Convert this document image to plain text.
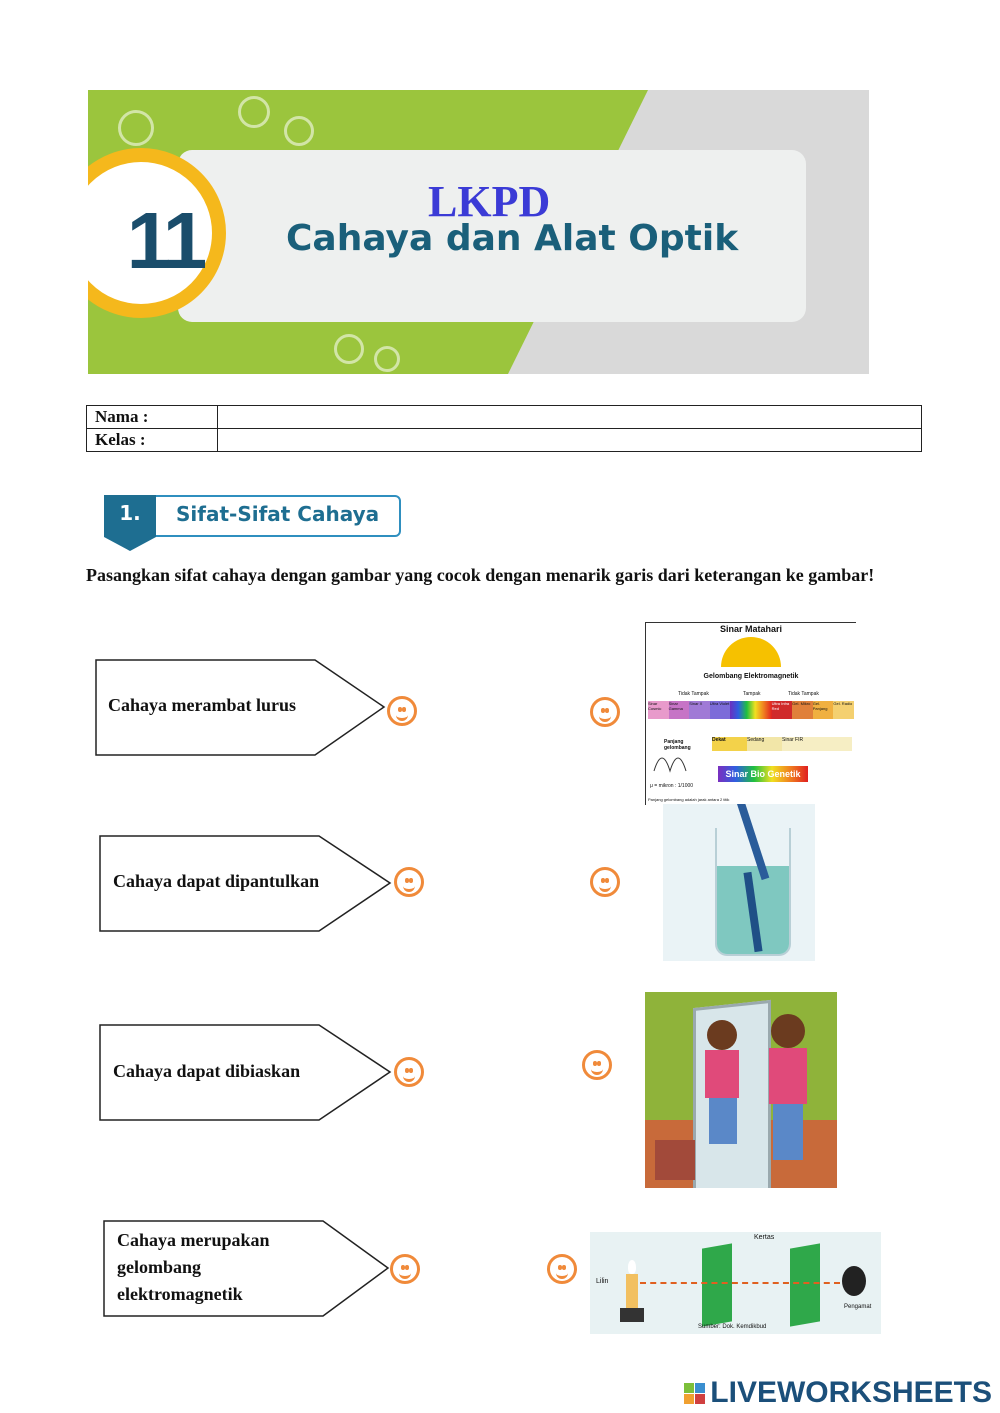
11	LKPD
Cahaya dan Alat Optik
Nama :	
Kelas :	
1.	Sifat-Sifat Cahaya
Pasangkan sifat cahaya dengan gambar yang cocok dengan menarik garis dari keterangan ke gambar!
Cahaya merambat lurus
Cahaya dapat dipantulkan
Cahaya dapat dibiaskan
Cahaya merupakan gelombang elektromagnetik
Sinar Matahari
Gelombang Elektromagnetik
Tidak Tampak	Tampak	Tidak Tampak
Sinar Cosmic
Sinar Gamma
Sinar X	Ultra Violet	Ultra Infra Red
Gel. Mikro Gel. Panjang
Gel. Radio
Panjang gelombang
Dekat	Sedang	Sinar FIR
Sinar Bio Genetik
μ = mikron : 1/1000
Panjang gelombang adalah jarak antara 2 titik
Lilin
Kertas
Pengamat
Sumber: Dok. Kemdikbud
LIVEWORKSHEETS
